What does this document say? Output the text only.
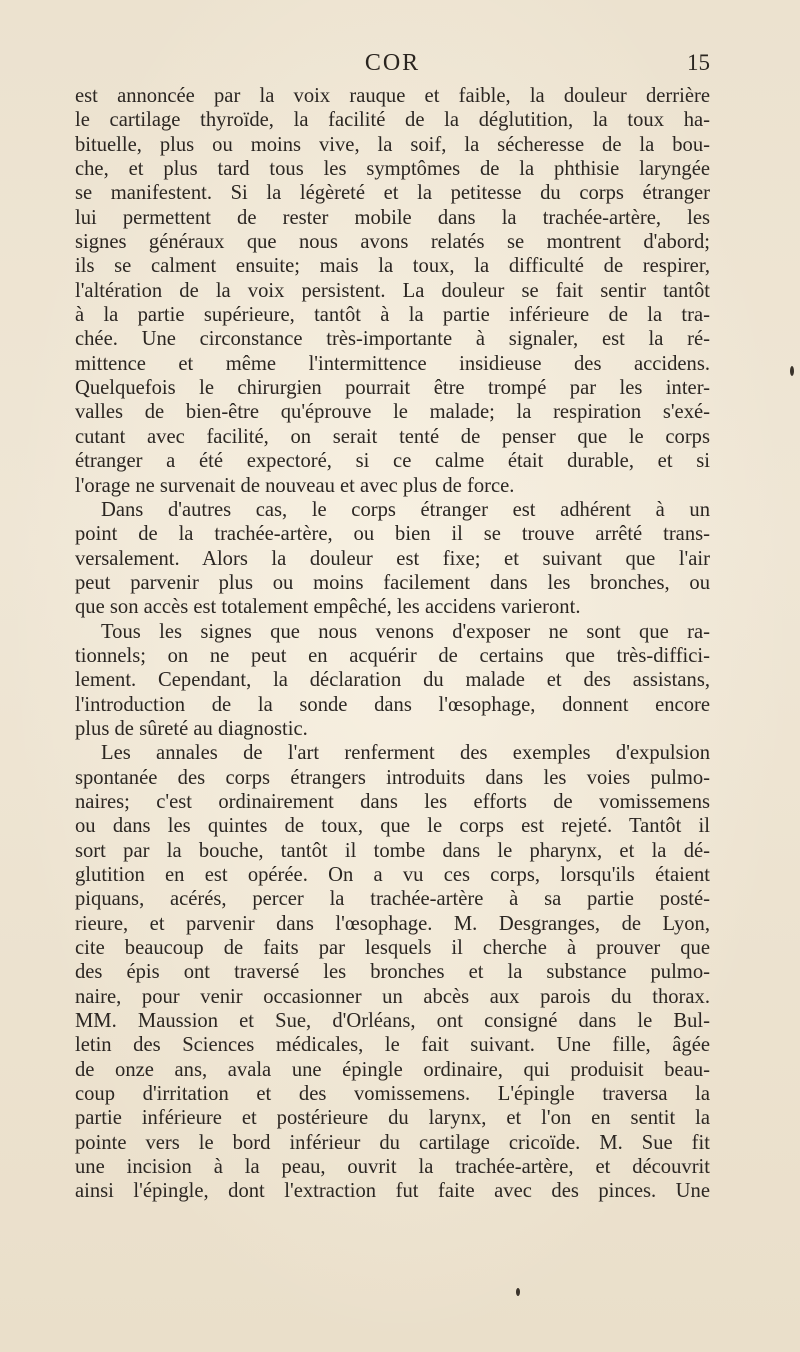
COR	15
est annoncée par la voix rauque et faible, la douleur derrière
le cartilage thyroïde, la facilité de la déglutition, la toux ha-
bituelle, plus ou moins vive, la soif, la sécheresse de la bou-
che, et plus tard tous les symptômes de la phthisie laryngée
se manifestent. Si la légèreté et la petitesse du corps étranger
lui permettent de rester mobile dans la trachée-artère, les
signes généraux que nous avons relatés se montrent d'abord;
ils se calment ensuite; mais la toux, la difficulté de respirer,
l'altération de la voix persistent. La douleur se fait sentir tantôt
à la partie supérieure, tantôt à la partie inférieure de la tra-
chée. Une circonstance très-importante à signaler, est la ré-
mittence et même l'intermittence insidieuse des accidens.
Quelquefois le chirurgien pourrait être trompé par les inter-
valles de bien-être qu'éprouve le malade; la respiration s'exé-
cutant avec facilité, on serait tenté de penser que le corps
étranger a été expectoré, si ce calme était durable, et si
l'orage ne survenait de nouveau et avec plus de force.
Dans d'autres cas, le corps étranger est adhérent à un
point de la trachée-artère, ou bien il se trouve arrêté trans-
versalement. Alors la douleur est fixe; et suivant que l'air
peut parvenir plus ou moins facilement dans les bronches, ou
que son accès est totalement empêché, les accidens varieront.
Tous les signes que nous venons d'exposer ne sont que ra-
tionnels; on ne peut en acquérir de certains que très-diffici-
lement. Cependant, la déclaration du malade et des assistans,
l'introduction de la sonde dans l'œsophage, donnent encore
plus de sûreté au diagnostic.
Les annales de l'art renferment des exemples d'expulsion
spontanée des corps étrangers introduits dans les voies pulmo-
naires; c'est ordinairement dans les efforts de vomissemens
ou dans les quintes de toux, que le corps est rejeté. Tantôt il
sort par la bouche, tantôt il tombe dans le pharynx, et la dé-
glutition en est opérée. On a vu ces corps, lorsqu'ils étaient
piquans, acérés, percer la trachée-artère à sa partie posté-
rieure, et parvenir dans l'œsophage. M. Desgranges, de Lyon,
cite beaucoup de faits par lesquels il cherche à prouver que
des épis ont traversé les bronches et la substance pulmo-
naire, pour venir occasionner un abcès aux parois du thorax.
MM. Maussion et Sue, d'Orléans, ont consigné dans le Bul-
letin des Sciences médicales, le fait suivant. Une fille, âgée
de onze ans, avala une épingle ordinaire, qui produisit beau-
coup d'irritation et des vomissemens. L'épingle traversa la
partie inférieure et postérieure du larynx, et l'on en sentit la
pointe vers le bord inférieur du cartilage cricoïde. M. Sue fit
une incision à la peau, ouvrit la trachée-artère, et découvrit
ainsi l'épingle, dont l'extraction fut faite avec des pinces. Une
